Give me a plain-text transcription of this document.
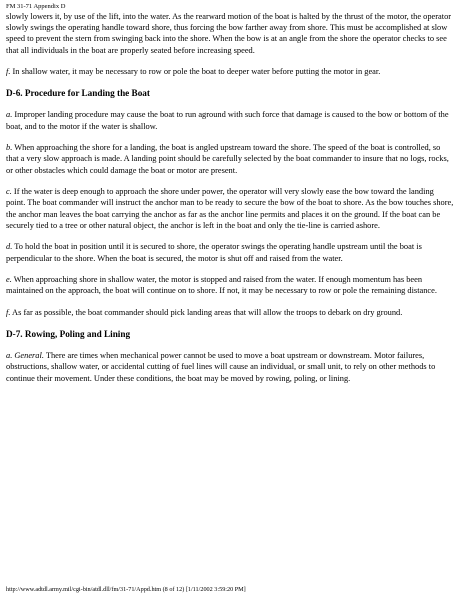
FM 31-71 Appendix D

slowly lowers it, by use of the lift, into the water. As the rearward motion of the boat is halted by the thrust of the motor, the operator slowly swings the operating handle toward shore, thus forcing the bow farther away from shore. This must be accomplished at slow speed to prevent the stern from swinging back into the shore. When the bow is at an angle from the shore the operator checks to see that all individuals in the boat are properly seated before increasing speed.

f. In shallow water, it may be necessary to row or pole the boat to deeper water before putting the motor in gear.

D-6. Procedure for Landing the Boat

a. Improper landing procedure may cause the boat to run aground with such force that damage is caused to the bow or bottom of the boat, and to the motor if the water is shallow.

b. When approaching the shore for a landing, the boat is angled upstream toward the shore. The speed of the boat is controlled, so that a very slow approach is made. A landing point should be carefully selected by the boat commander to insure that no logs, rocks, or other obstacles which could damage the boat or motor are present.

c. If the water is deep enough to approach the shore under power, the operator will very slowly ease the bow toward the landing point. The boat commander will instruct the anchor man to be ready to secure the bow of the boat to shore. As the bow touches shore, the anchor man leaves the boat carrying the anchor as far as the anchor line permits and places it on the ground. If the boat can be securely tied to a tree or other natural object, the anchor is left in the boat and only the tie-line is carried ashore.

d. To hold the boat in position until it is secured to shore, the operator swings the operating handle upstream until the boat is perpendicular to the shore. When the boat is secured, the motor is shut off and raised from the water.

e. When approaching shore in shallow water, the motor is stopped and raised from the water. If enough momentum has been maintained on the approach, the boat will continue on to shore. If not, it may be necessary to row or pole the remaining distance.

f. As far as possible, the boat commander should pick landing areas that will allow the troops to debark on dry ground.

D-7. Rowing, Poling and Lining

a. General. There are times when mechanical power cannot be used to move a boat upstream or downstream. Motor failures, obstructions, shallow water, or accidental cutting of fuel lines will cause an individual, or small unit, to rely on other methods to continue their movement. Under these conditions, the boat may be moved by rowing, poling, or lining.

http://www.adtdl.army.mil/cgi-bin/atdl.dll/fm/31-71/Appd.htm (8 of 12) [1/11/2002 3:59:20 PM]
